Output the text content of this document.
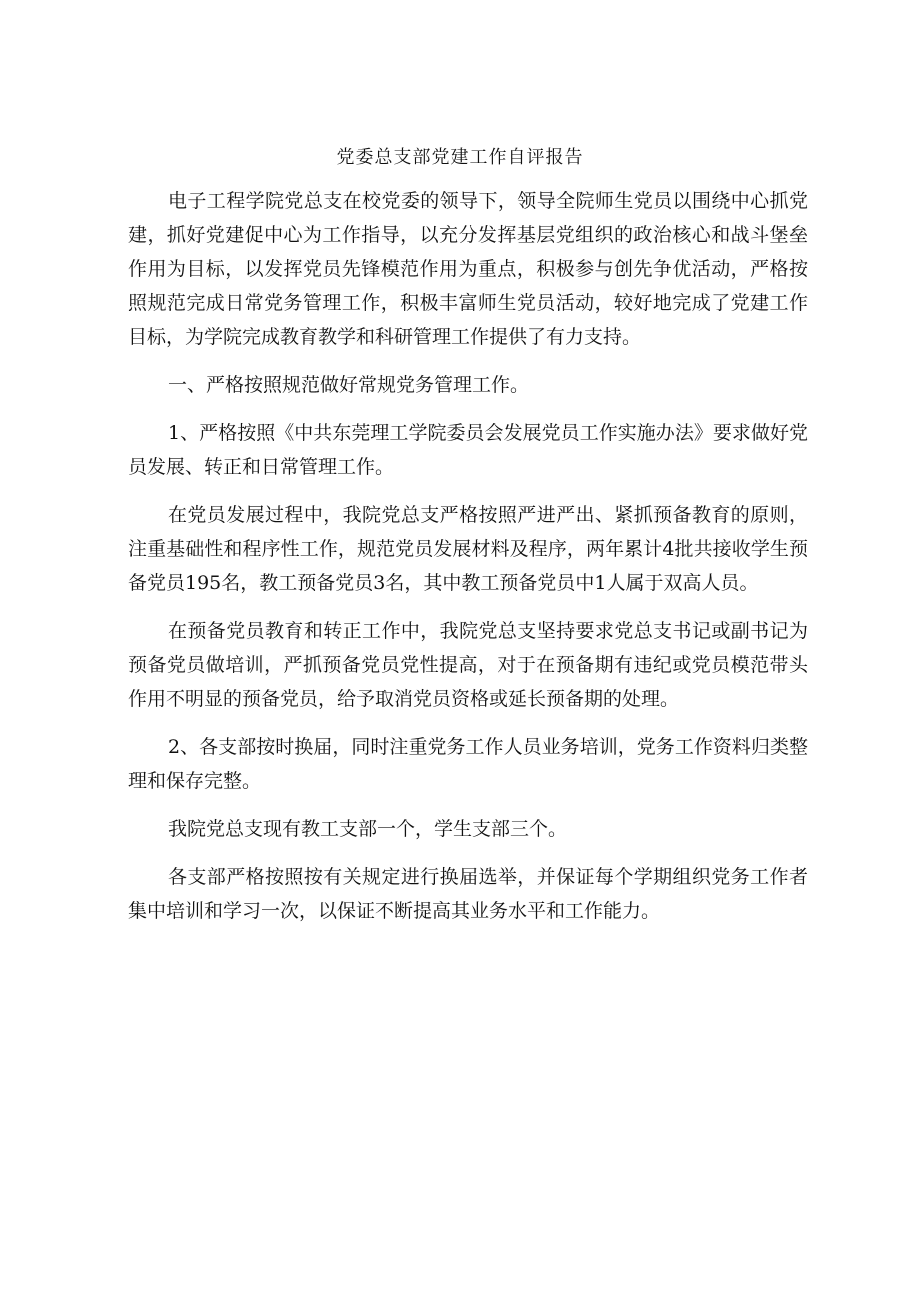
党委总支部党建工作自评报告

电子工程学院党总支在校党委的领导下，领导全院师生党员以围绕中心抓党建，抓好党建促中心为工作指导，以充分发挥基层党组织的政治核心和战斗堡垒作用为目标，以发挥党员先锋模范作用为重点，积极参与创先争优活动，严格按照规范完成日常党务管理工作，积极丰富师生党员活动，较好地完成了党建工作目标，为学院完成教育教学和科研管理工作提供了有力支持。

一、严格按照规范做好常规党务管理工作。

1、严格按照《中共东莞理工学院委员会发展党员工作实施办法》要求做好党员发展、转正和日常管理工作。

在党员发展过程中，我院党总支严格按照严进严出、紧抓预备教育的原则，注重基础性和程序性工作，规范党员发展材料及程序，两年累计4批共接收学生预备党员195名，教工预备党员3名，其中教工预备党员中1人属于双高人员。

在预备党员教育和转正工作中，我院党总支坚持要求党总支书记或副书记为预备党员做培训，严抓预备党员党性提高，对于在预备期有违纪或党员模范带头作用不明显的预备党员，给予取消党员资格或延长预备期的处理。

2、各支部按时换届，同时注重党务工作人员业务培训，党务工作资料归类整理和保存完整。

我院党总支现有教工支部一个，学生支部三个。

各支部严格按照按有关规定进行换届选举，并保证每个学期组织党务工作者集中培训和学习一次，以保证不断提高其业务水平和工作能力。
